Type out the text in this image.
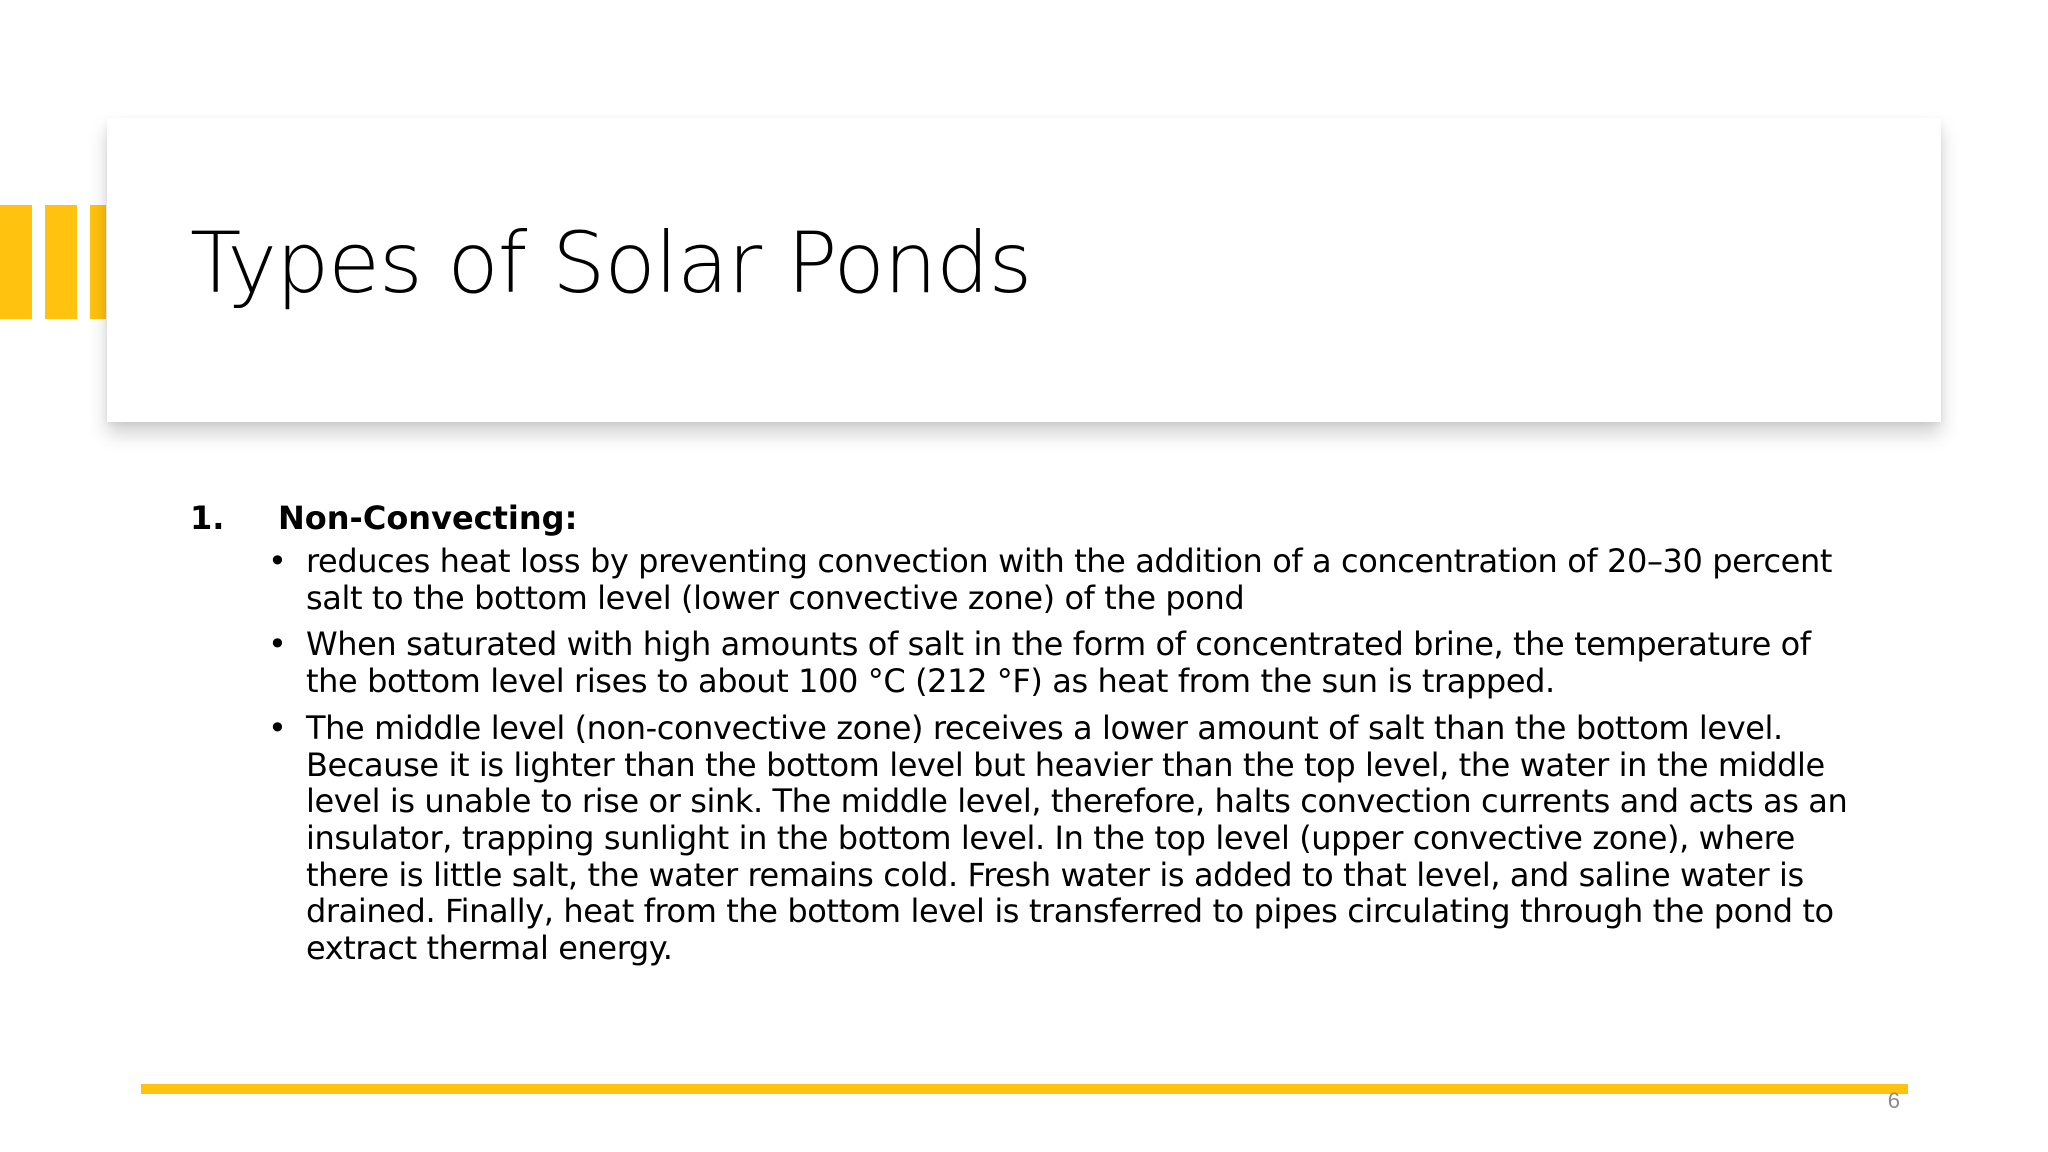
Types of Solar Ponds
1.	Non-Convecting:
• reduces heat loss by preventing convection with the addition of a concentration of 20–30 percent salt to the bottom level (lower convective zone) of the pond
• When saturated with high amounts of salt in the form of concentrated brine, the temperature of the bottom level rises to about 100 °C (212 °F) as heat from the sun is trapped.
• The middle level (non-convective zone) receives a lower amount of salt than the bottom level. Because it is lighter than the bottom level but heavier than the top level, the water in the middle level is unable to rise or sink. The middle level, therefore, halts convection currents and acts as an insulator, trapping sunlight in the bottom level. In the top level (upper convective zone), where there is little salt, the water remains cold. Fresh water is added to that level, and saline water is drained. Finally, heat from the bottom level is transferred to pipes circulating through the pond to extract thermal energy.
6
